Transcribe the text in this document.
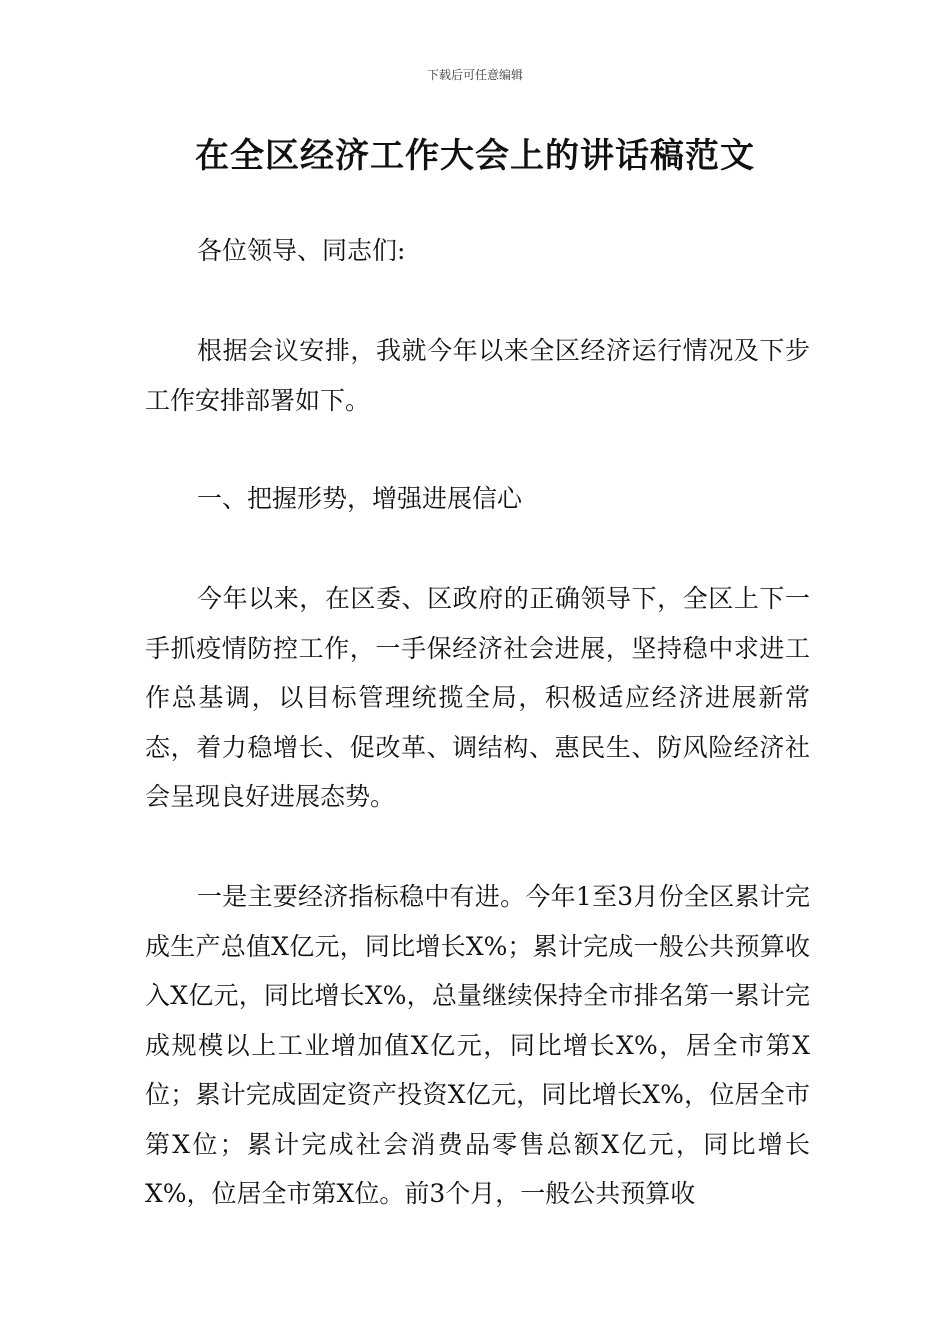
下载后可任意编辑
在全区经济工作大会上的讲话稿范文

各位领导、同志们:

根据会议安排，我就今年以来全区经济运行情况及下步工作安排部署如下。

一、把握形势，增强进展信心

今年以来，在区委、区政府的正确领导下，全区上下一手抓疫情防控工作，一手保经济社会进展，坚持稳中求进工作总基调，以目标管理统揽全局，积极适应经济进展新常态，着力稳增长、促改革、调结构、惠民生、防风险经济社会呈现良好进展态势。

一是主要经济指标稳中有进。今年1至3月份全区累计完成生产总值X亿元，同比增长X%；累计完成一般公共预算收入X亿元，同比增长X%，总量继续保持全市排名第一累计完成规模以上工业增加值X亿元，同比增长X%，居全市第X位；累计完成固定资产投资X亿元，同比增长X%，位居全市第X位；累计完成社会消费品零售总额X亿元，同比增长X%，位居全市第X位。前3个月，一般公共预算收
